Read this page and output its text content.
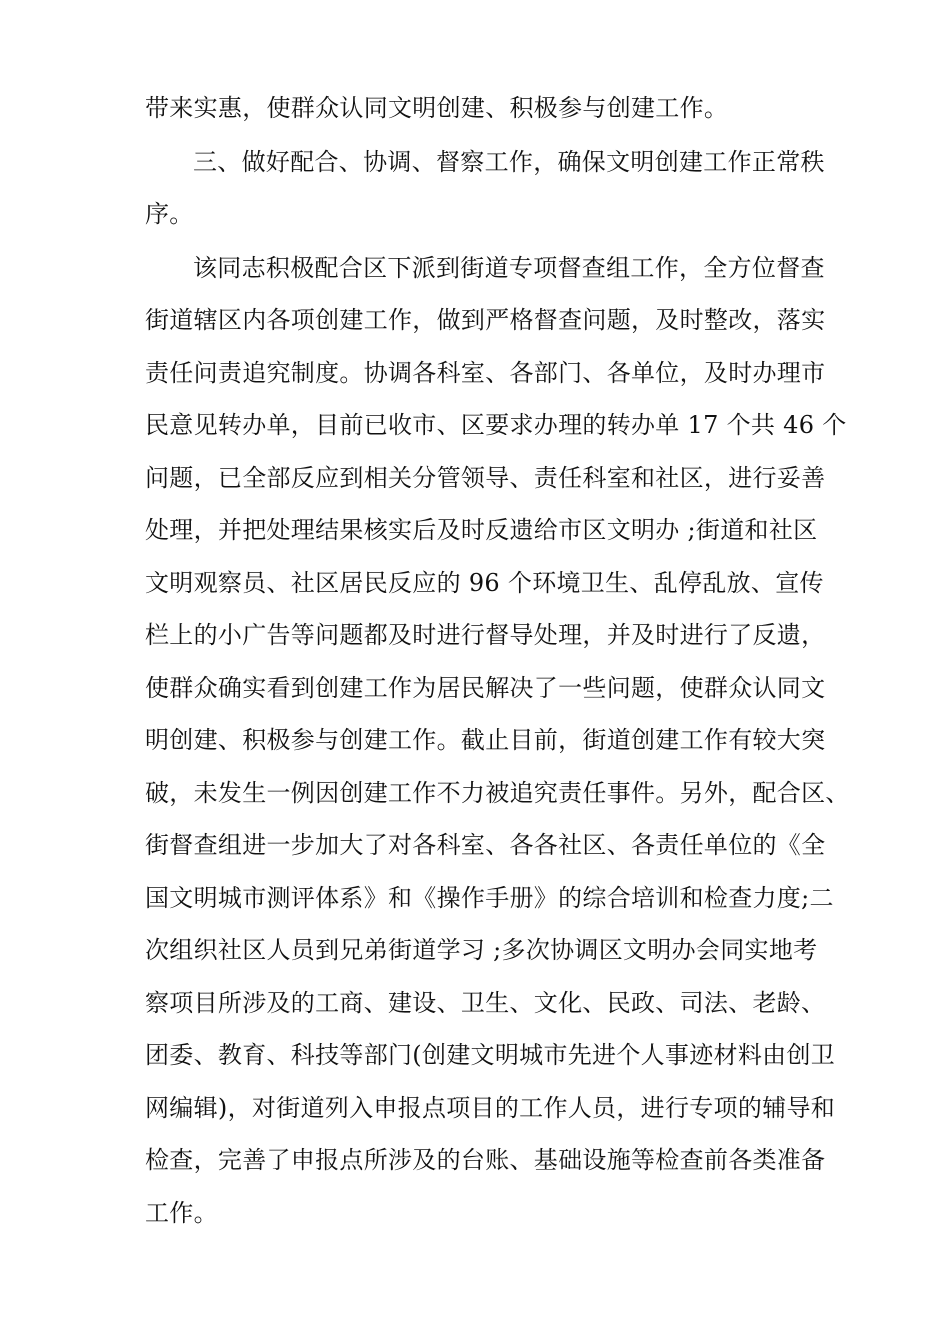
带来实惠，使群众认同文明创建、积极参与创建工作。
三、做好配合、协调、督察工作，确保文明创建工作正常秩
序。
该同志积极配合区下派到街道专项督查组工作，全方位督查
街道辖区内各项创建工作，做到严格督查问题，及时整改，落实
责任问责追究制度。协调各科室、各部门、各单位，及时办理市
民意见转办单，目前已收市、区要求办理的转办单 17 个共 46 个
问题，已全部反应到相关分管领导、责任科室和社区，进行妥善
处理，并把处理结果核实后及时反遗给市区文明办 ;街道和社区
文明观察员、社区居民反应的 96 个环境卫生、乱停乱放、宣传
栏上的小广告等问题都及时进行督导处理，并及时进行了反遗，
使群众确实看到创建工作为居民解决了一些问题，使群众认同文
明创建、积极参与创建工作。截止目前，街道创建工作有较大突
破，未发生一例因创建工作不力被追究责任事件。另外，配合区、
街督查组进一步加大了对各科室、各各社区、各责任单位的《全
国文明城市测评体系》和《操作手册》的综合培训和检查力度;二
次组织社区人员到兄弟街道学习 ;多次协调区文明办会同实地考
察项目所涉及的工商、建设、卫生、文化、民政、司法、老龄、
团委、教育、科技等部门(创建文明城市先进个人事迹材料由创卫
网编辑)，对街道列入申报点项目的工作人员，进行专项的辅导和
检查，完善了申报点所涉及的台账、基础设施等检查前各类准备
工作。
